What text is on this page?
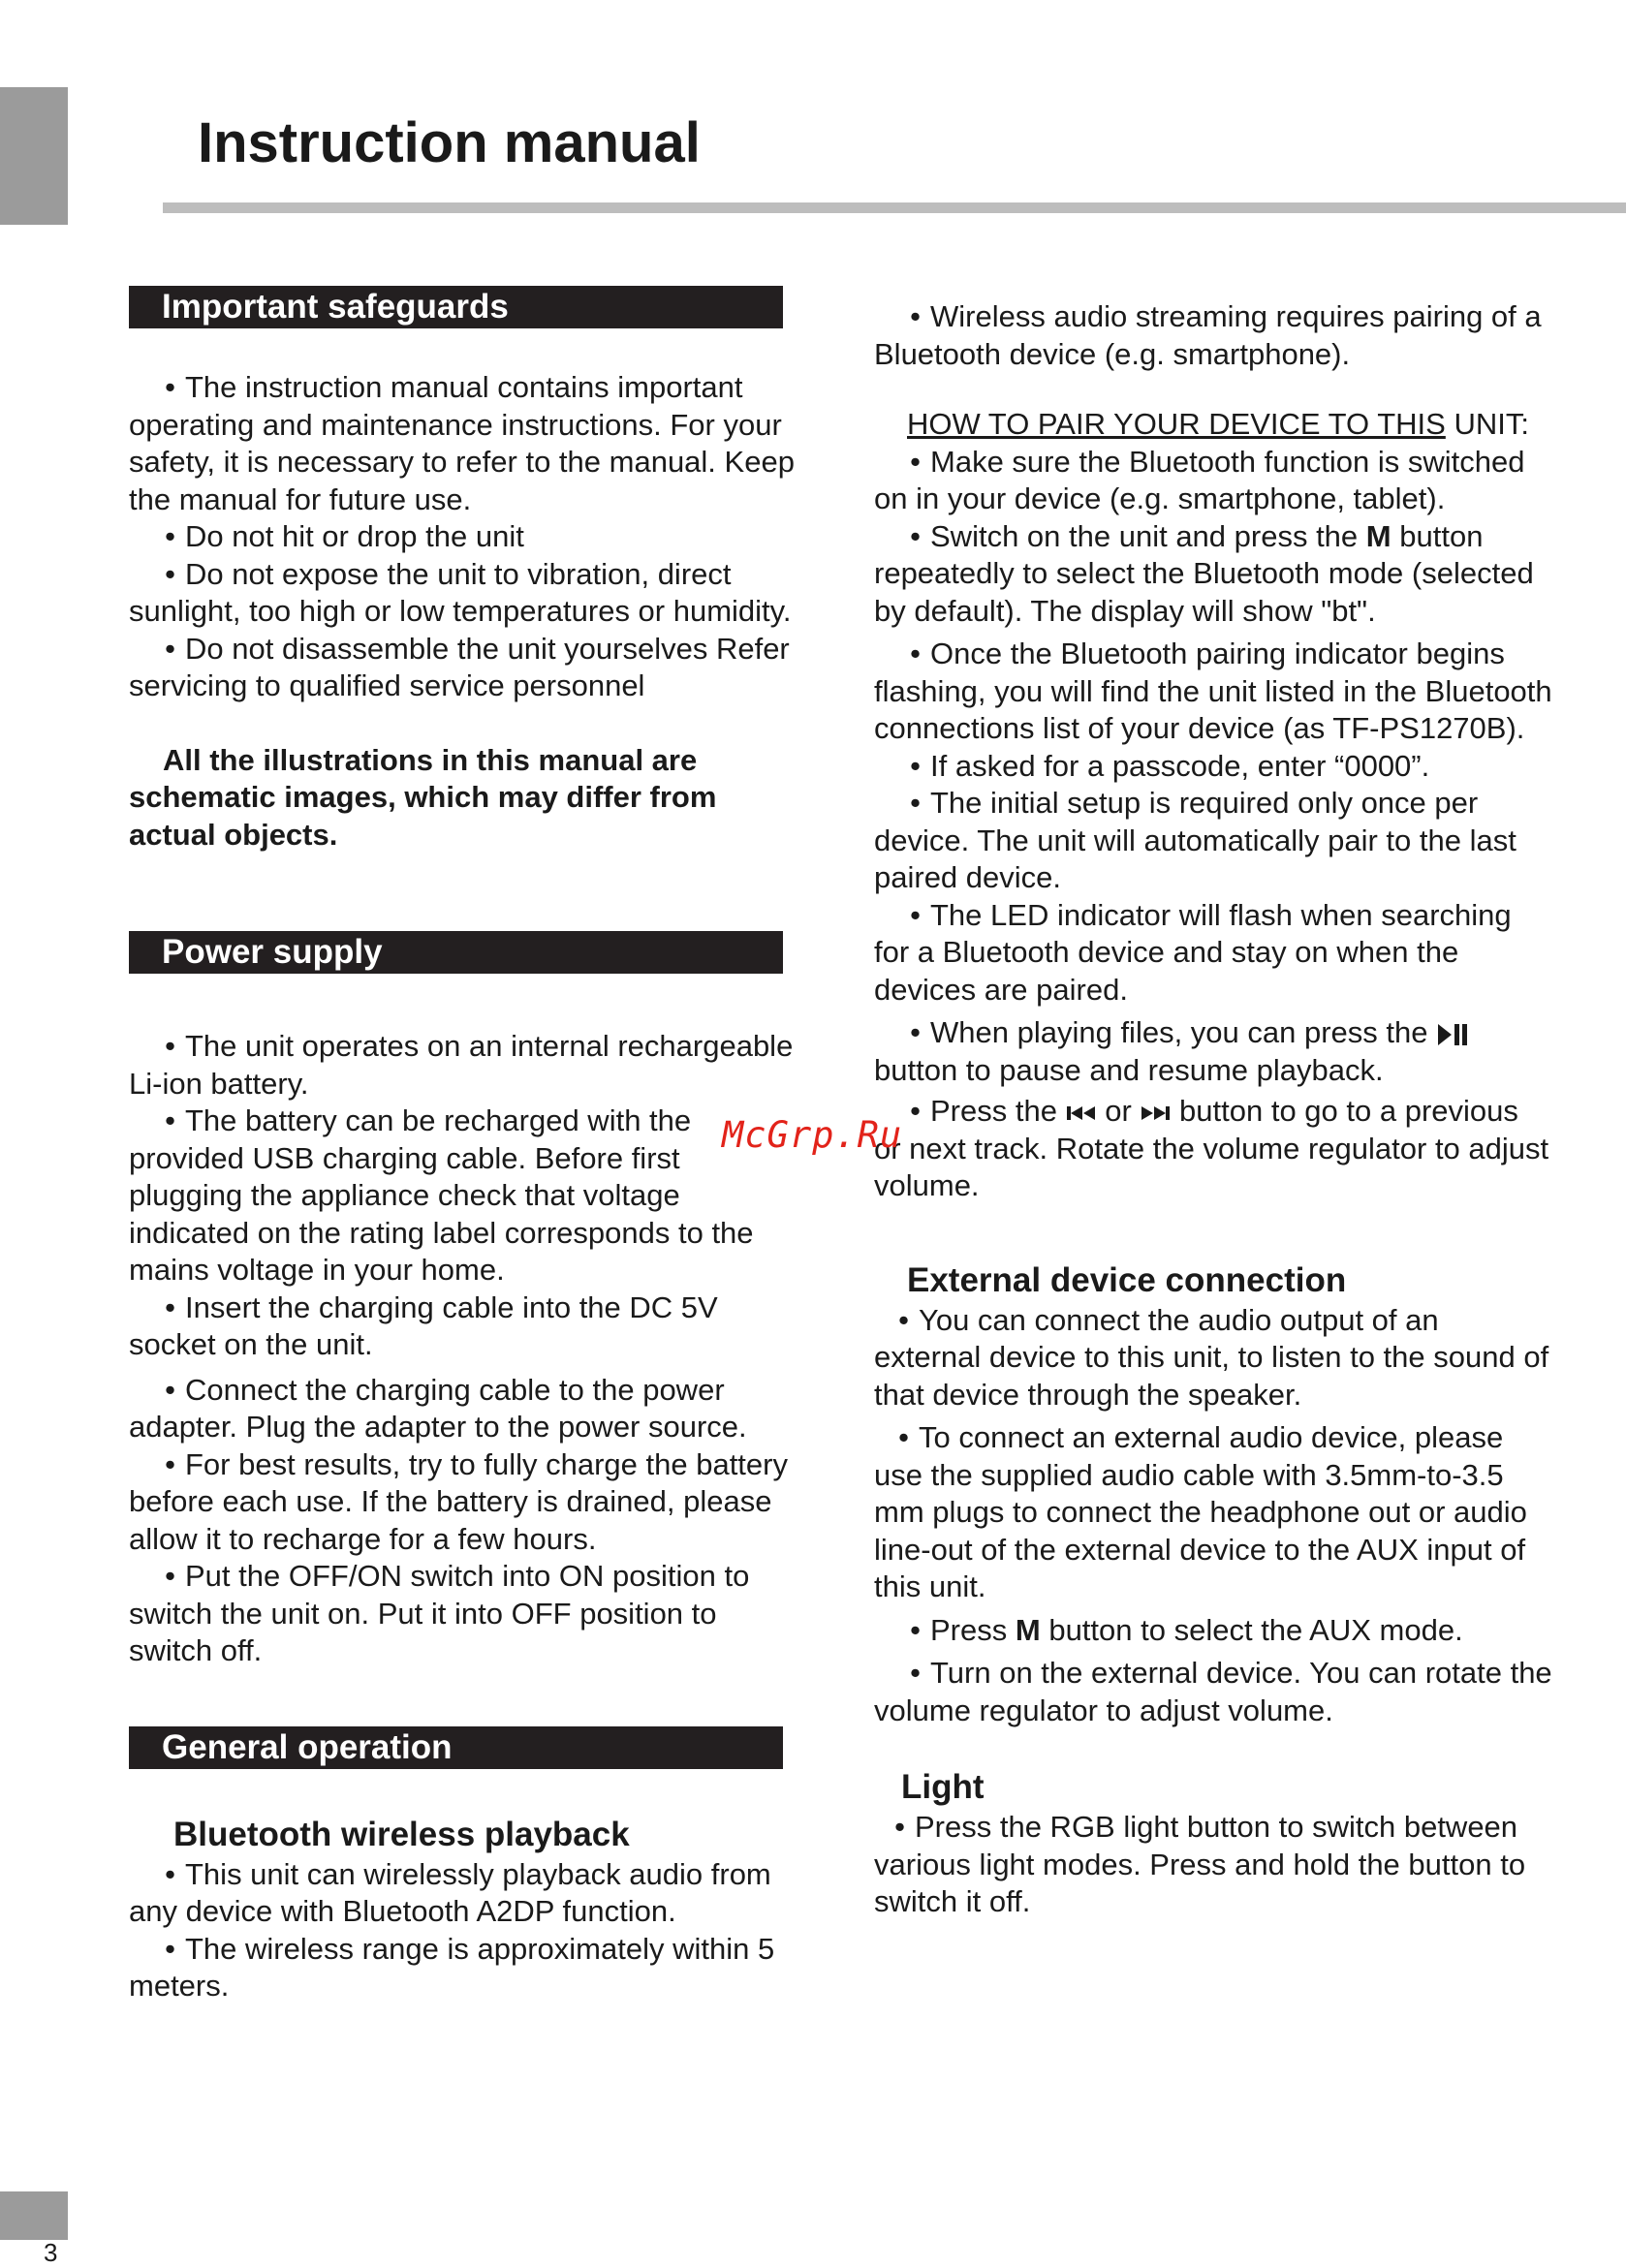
Instruction manual
Important safeguards

• The instruction manual contains important operating and maintenance instructions. For your safety, it is necessary to refer to the manual. Keep the manual for future use.

• Do not hit or drop the unit

• Do not expose the unit to vibration, direct sunlight, too high or low temperatures or humidity.

• Do not disassemble the unit yourselves Refer servicing to qualified service personnel

All the illustrations in this manual are schematic images, which may differ from actual objects.

Power supply

• The unit operates on an internal rechargeable Li-ion battery.

• The battery can be recharged with the provided USB charging cable. Before first plugging the appliance check that voltage indicated on the rating label corresponds to the mains voltage in your home.

• Insert the charging cable into the DC 5V socket on the unit.

• Connect the charging cable to the power adapter. Plug the adapter to the power source.

• For best results, try to fully charge the battery before each use. If the battery is drained, please allow it to recharge for a few hours.

• Put the OFF/ON switch into ON position to switch the unit on. Put it into OFF position to switch off.

General operation
Bluetooth wireless playback

• This unit can wirelessly playback audio from any device with Bluetooth A2DP function.

• The wireless range is approximately within 5 meters.

• Wireless audio streaming requires pairing of a Bluetooth device (e.g. smartphone).

HOW TO PAIR YOUR DEVICE TO THIS UNIT:

• Make sure the Bluetooth function is switched on in your device (e.g. smartphone, tablet).

• Switch on the unit and press the M button repeatedly to select the Bluetooth mode (selected by default). The display will show "bt".

• Once the Bluetooth pairing indicator begins flashing, you will find the unit listed in the Bluetooth connections list of your device (as TF-PS1270B).

• If asked for a passcode, enter “0000”.

• The initial setup is required only once per device. The unit will automatically pair to the last paired device.

• The LED indicator will flash when searching for a Bluetooth device and stay on when the devices are paired.

• When playing files, you can press the  button to pause and resume playback.

• Press the or button to go to a previous or next track. Rotate the volume regulator to adjust volume.

External device connection

• You can connect the audio output of an external device to this unit, to listen to the sound of that device through the speaker.

• To connect an external audio device, please use the supplied audio cable with 3.5mm-to-3.5 mm plugs to connect the headphone out or audio line-out of the external device to the AUX input of this unit.

• Press M button to select the AUX mode.

• Turn on the external device. You can rotate the volume regulator to adjust volume.

Light

• Press the RGB light button to switch between various light modes. Press and hold the button to switch it off.

McGrp.Ru
3
